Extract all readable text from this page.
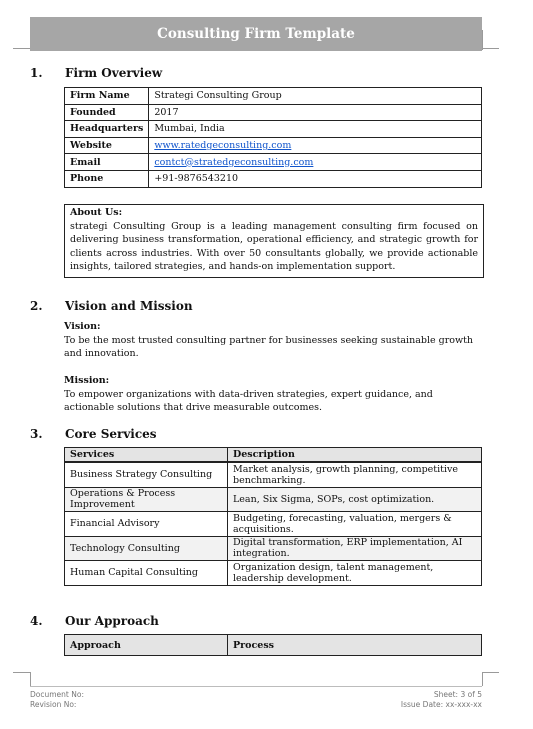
Consulting Firm Template
1. Firm Overview
Firm Name	Strategi Consulting Group
Founded	2017
Headquarters	Mumbai, India
Website	www.ratedgeconsulting.com
Email	contct@stratedgeconsulting.com
Phone	+91-9876543210
About Us:
strategi Consulting Group is a leading management consulting firm focused on delivering business transformation, operational efficiency, and strategic growth for clients across industries. With over 50 consultants globally, we provide actionable insights, tailored strategies, and hands-on implementation support.
2. Vision and Mission
Vision:
To be the most trusted consulting partner for businesses seeking sustainable growth and innovation.
Mission:
To empower organizations with data-driven strategies, expert guidance, and actionable solutions that drive measurable outcomes.
3. Core Services
Services	Description
Business Strategy Consulting	Market analysis, growth planning, competitive benchmarking.
Operations & Process Improvement	Lean, Six Sigma, SOPs, cost optimization.
Financial Advisory	Budgeting, forecasting, valuation, mergers & acquisitions.
Technology Consulting	Digital transformation, ERP implementation, AI integration.
Human Capital Consulting	Organization design, talent management, leadership development.
4. Our Approach
Approach	Process
Document No:
Revision No:
Sheet: 3 of 5
Issue Date: xx-xxx-xx
